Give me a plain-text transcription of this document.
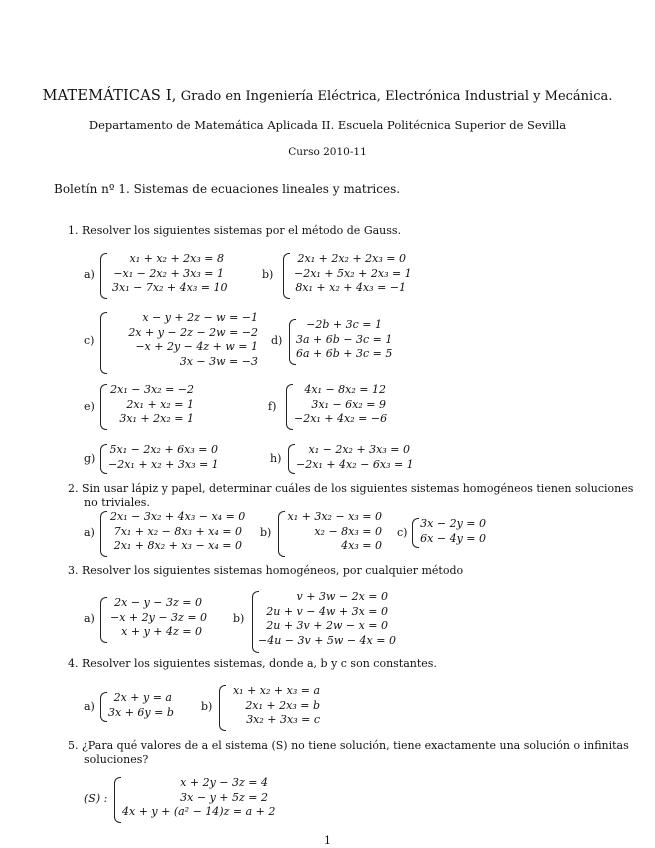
MATEMÁTICAS I, Grado en Ingeniería Eléctrica, Electrónica Industrial y Mecánica.
Departamento de Matemática Aplicada II. Escuela Politécnica Superior de Sevilla
Curso 2010-11
Boletín nº 1. Sistemas de ecuaciones lineales y matrices.
1. Resolver los siguientes sistemas por el método de Gauss.
a)
x₁ + x₂ + 2x₃ = 8
−x₁ − 2x₂ + 3x₃ = 1
3x₁ − 7x₂ + 4x₃ = 10
b)
2x₁ + 2x₂ + 2x₃ = 0
−2x₁ + 5x₂ + 2x₃ = 1
8x₁ + x₂ + 4x₃ = −1
c)
x − y + 2z − w = −1
2x + y − 2z − 2w = −2
−x + 2y − 4z + w = 1
3x − 3w = −3
d)
−2b + 3c = 1
3a + 6b − 3c = 1
6a + 6b + 3c = 5
e)
2x₁ − 3x₂ = −2
2x₁ + x₂ = 1
3x₁ + 2x₂ = 1
f)
4x₁ − 8x₂ = 12
3x₁ − 6x₂ = 9
−2x₁ + 4x₂ = −6
g)
5x₁ − 2x₂ + 6x₃ = 0
−2x₁ + x₂ + 3x₃ = 1	h)
x₁ − 2x₂ + 3x₃ = 0
−2x₁ + 4x₂ − 6x₃ = 1
2. Sin usar lápiz y papel, determinar cuáles de los siguientes sistemas homogéneos tienen soluciones
no triviales.
a)
2x₁ − 3x₂ + 4x₃ − x₄ = 0
7x₁ + x₂ − 8x₃ + x₄ = 0
2x₁ + 8x₂ + x₃ − x₄ = 0
b)
x₁ + 3x₂ − x₃ = 0
x₂ − 8x₃ = 0
4x₃ = 0
c)
3x − 2y = 0
6x − 4y = 0
3. Resolver los siguientes sistemas homogéneos, por cualquier método
a)
2x − y − 3z = 0
−x + 2y − 3z = 0
x + y + 4z = 0
b)
v + 3w − 2x = 0
2u + v − 4w + 3x = 0
2u + 3v + 2w − x = 0
−4u − 3v + 5w − 4x = 0
4. Resolver los siguientes sistemas, donde a, b y c son constantes.
a)
2x + y = a
3x + 6y = b b)
x₁ + x₂ + x₃ = a
2x₁ + 2x₃ = b
3x₂ + 3x₃ = c
5. ¿Para qué valores de a el sistema (S) no tiene solución, tiene exactamente una solución o infinitas
soluciones?
(S) :
x + 2y − 3z = 4
3x − y + 5z = 2
4x + y + (a² − 14)z = a + 2
1
